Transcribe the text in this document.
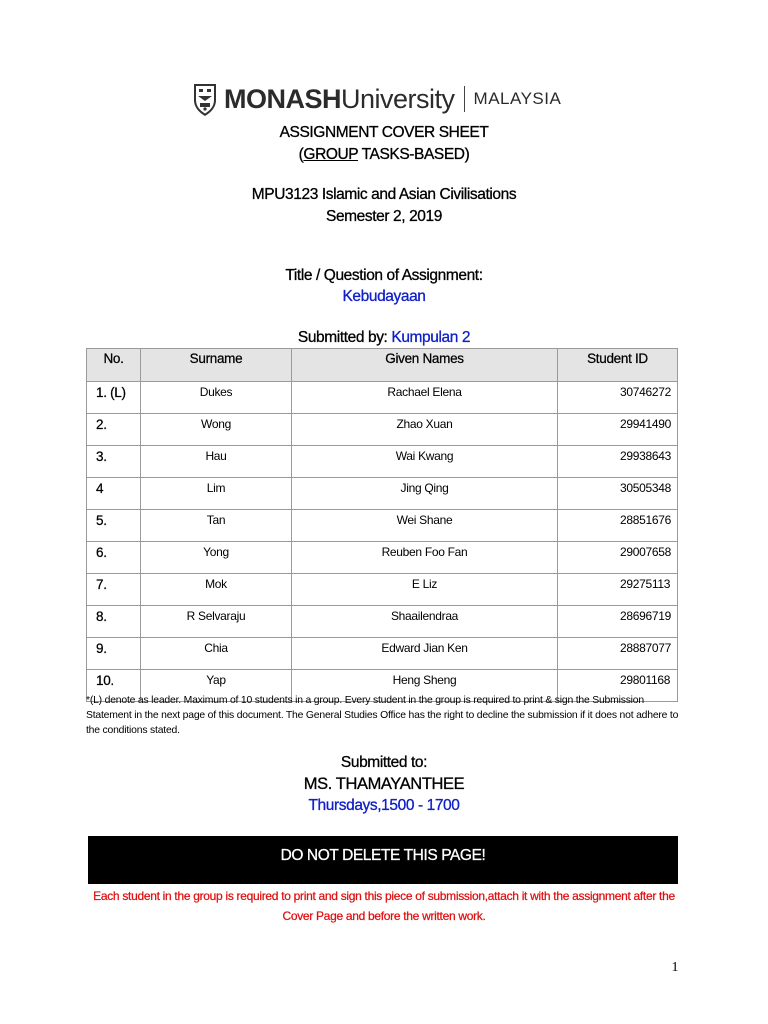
MONASHUniversity MALAYSIA
ASSIGNMENT COVER SHEET
(GROUP TASKS-BASED)
MPU3123 Islamic and Asian Civilisations
Semester 2, 2019
Title / Question of Assignment:
Kebudayaan
Submitted by: Kumpulan 2
No.	Surname	Given Names	Student ID
1. (L)	Dukes	Rachael Elena	30746272
2.	Wong	Zhao Xuan	29941490
3.	Hau	Wai Kwang	29938643
4	Lim	Jing Qing	30505348
5.	Tan	Wei Shane	28851676
6.	Yong	Reuben Foo Fan	29007658
7.	Mok	E Liz	29275113
8.	R Selvaraju	Shaailendraa	28696719
9.	Chia	Edward Jian Ken	28887077
10.	Yap	Heng Sheng	29801168
*(L) denote as leader. Maximum of 10 students in a group. Every student in the group is required to print & sign the Submission Statement in the next page of this document. The General Studies Office has the right to decline the submission if it does not adhere to the conditions stated.
Submitted to:
MS. THAMAYANTHEE
Thursdays,1500 - 1700
DO NOT DELETE THIS PAGE!
Each student in the group is required to print and sign this piece of submission,attach it with the assignment after the Cover Page and before the written work.
1
